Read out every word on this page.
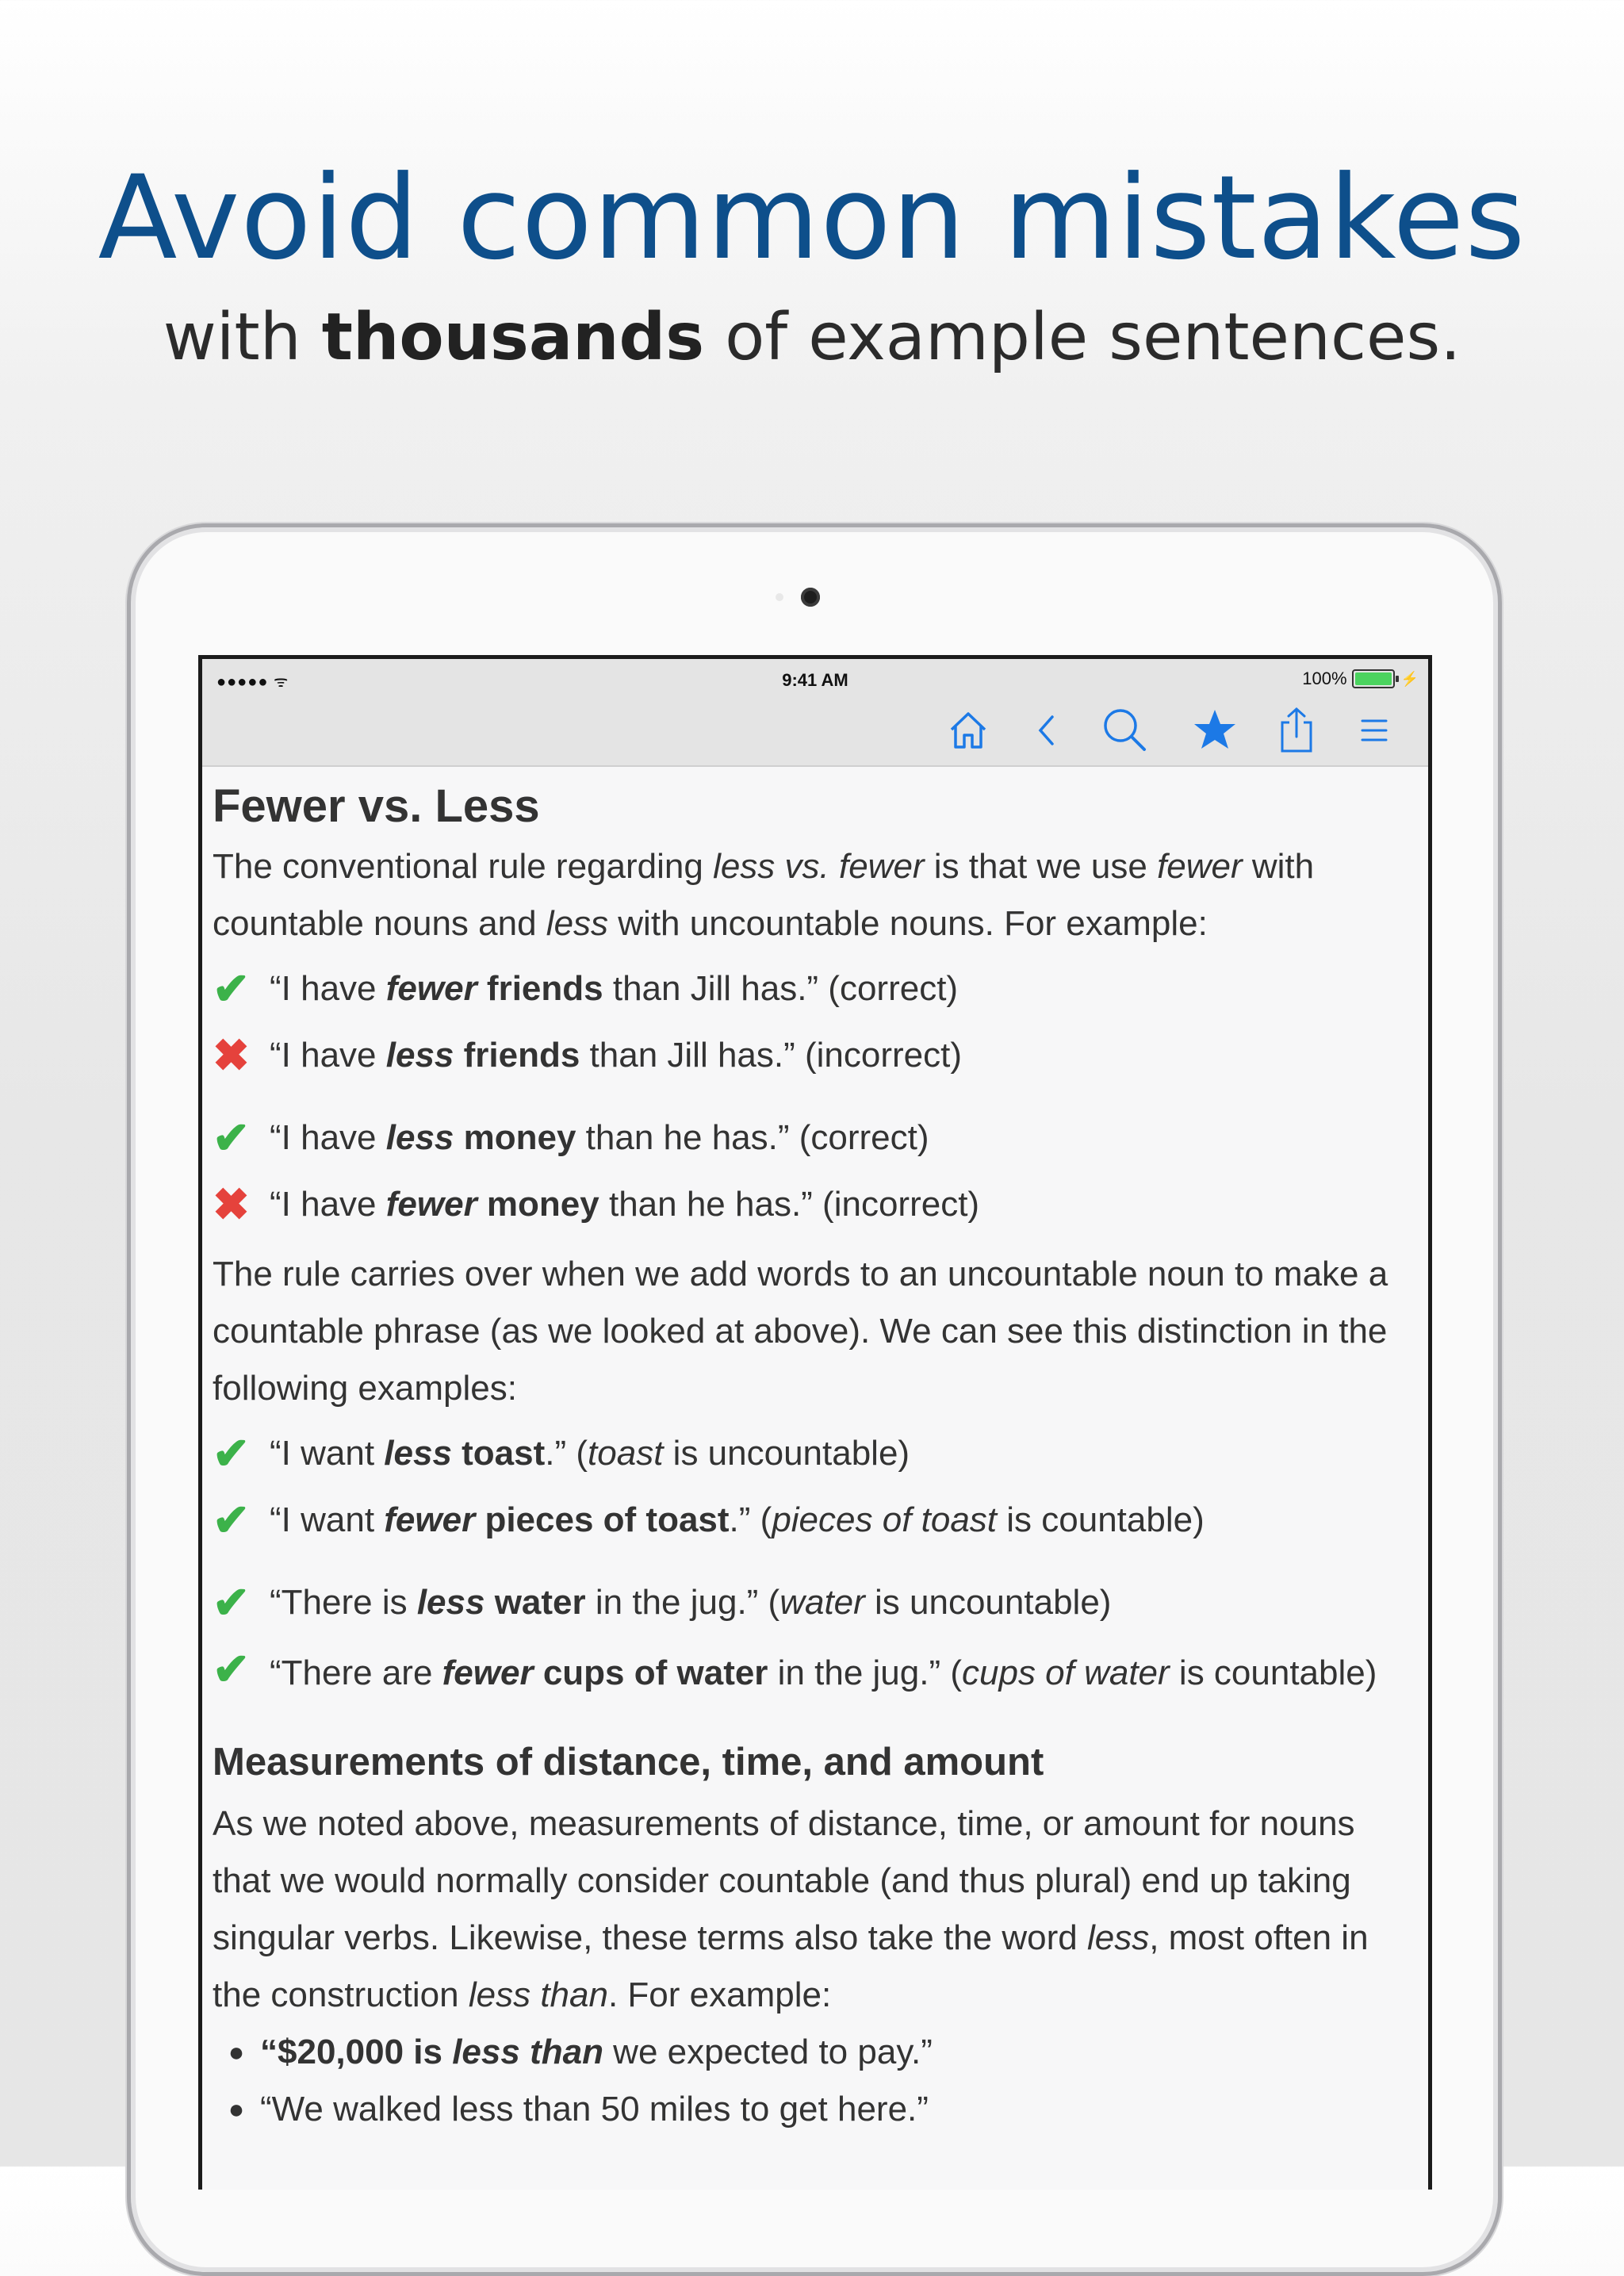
Avoid common mistakes
with thousands of example sentences.
●●●●● ᯤ	9:41 AM	100%	⚡
Fewer vs. Less

The conventional rule regarding less vs. fewer is that we use fewer with countable nouns and less with uncountable nouns. For example:

✔ “I have fewer friends than Jill has.” (correct)
✖ “I have less friends than Jill has.” (incorrect)
✔ “I have less money than he has.” (correct)
✖ “I have fewer money than he has.” (incorrect)

The rule carries over when we add words to an uncountable noun to make a countable phrase (as we looked at above). We can see this distinction in the following examples:

✔ “I want less toast.” (toast is uncountable)
✔ “I want fewer pieces of toast.” (pieces of toast is countable)
✔ “There is less water in the jug.” (water is uncountable)
✔ “There are fewer cups of water in the jug.” (cups of water is countable)
Measurements of distance, time, and amount

As we noted above, measurements of distance, time, or amount for nouns that we would normally consider countable (and thus plural) end up taking singular verbs. Likewise, these terms also take the word less, most often in the construction less than. For example:

● “$20,000 is less than we expected to pay.”
● “We walked less than 50 miles to get here.”
